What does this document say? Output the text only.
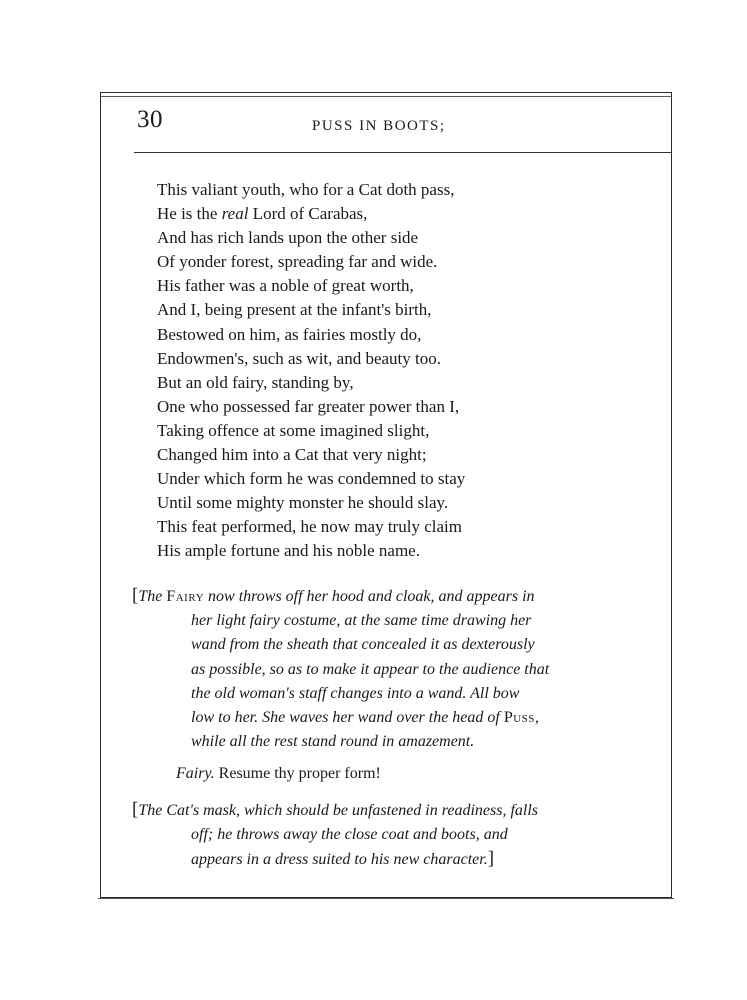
30	PUSS IN BOOTS;
This valiant youth, who for a Cat doth pass,
He is the real Lord of Carabas,
And has rich lands upon the other side
Of yonder forest, spreading far and wide.
His father was a noble of great worth,
And I, being present at the infant's birth,
Bestowed on him, as fairies mostly do,
Endowmen's, such as wit, and beauty too.
But an old fairy, standing by,
One who possessed far greater power than I,
Taking offence at some imagined slight,
Changed him into a Cat that very night;
Under which form he was condemned to stay
Until some mighty monster he should slay.
This feat performed, he now may truly claim
His ample fortune and his noble name.
[The Fairy now throws off her hood and cloak, and appears in
her light fairy costume, at the same time drawing her
wand from the sheath that concealed it as dexterously
as possible, so as to make it appear to the audience that
the old woman's staff changes into a wand. All bow
low to her. She waves her wand over the head of Puss,
while all the rest stand round in amazement.
Fairy. Resume thy proper form!
[The Cat's mask, which should be unfastened in readiness, falls
off; he throws away the close coat and boots, and
appears in a dress suited to his new character.]
